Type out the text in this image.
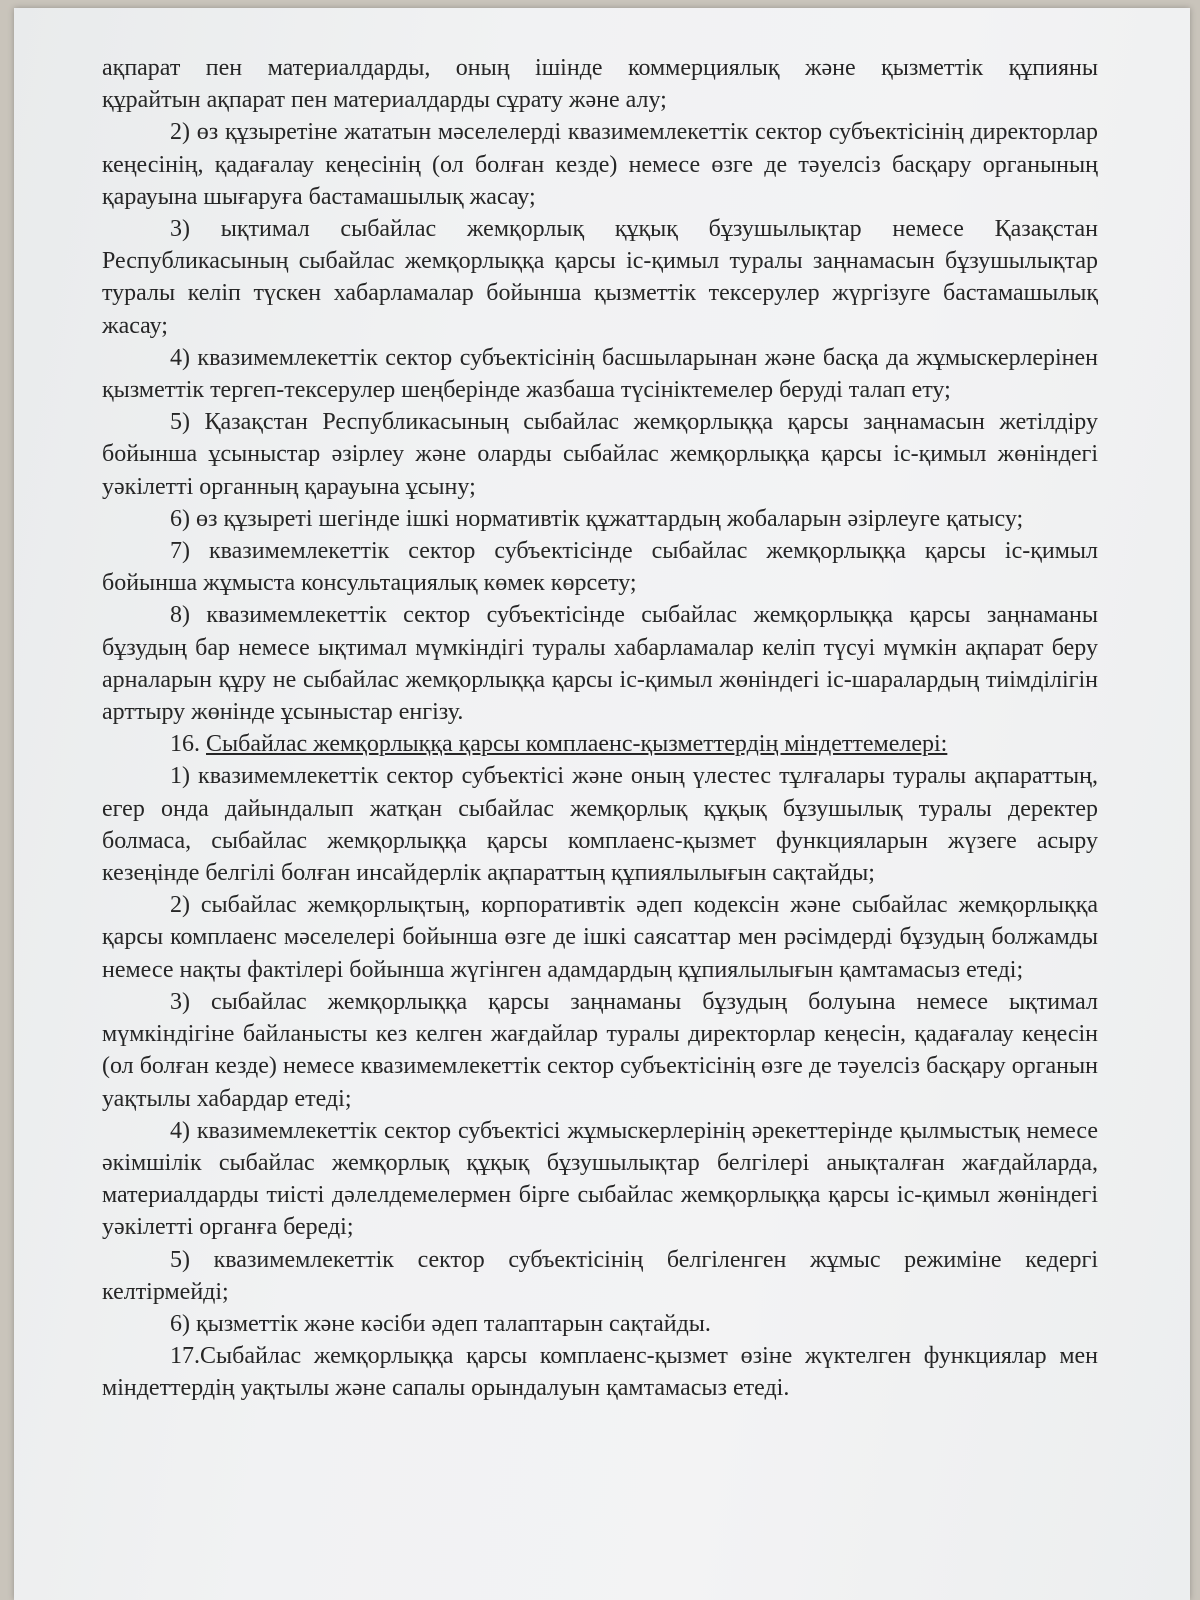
ақпарат пен материалдарды, оның ішінде коммерциялық және қызметтік құпияны

құрайтын ақпарат пен материалдарды сұрату және алу;

2) өз құзыретіне жататын мәселелерді квазимемлекеттік сектор субъектісінің директорлар кеңесінің, қадағалау кеңесінің (ол болған кезде) немесе өзге де тәуелсіз басқару органының қарауына шығаруға бастамашылық жасау;

3) ықтимал сыбайлас жемқорлық құқық бұзушылықтар немесе Қазақстан Республикасының сыбайлас жемқорлыққа қарсы іс-қимыл туралы заңнамасын бұзушылықтар туралы келіп түскен хабарламалар бойынша қызметтік тексерулер жүргізуге бастамашылық жасау;

4) квазимемлекеттік сектор субъектісінің басшыларынан және басқа да жұмыскерлерінен қызметтік тергеп-тексерулер шеңберінде жазбаша түсініктемелер беруді талап ету;

5) Қазақстан Республикасының сыбайлас жемқорлыққа қарсы заңнамасын жетілдіру бойынша ұсыныстар әзірлеу және оларды сыбайлас жемқорлыққа қарсы іс-қимыл жөніндегі уәкілетті органның қарауына ұсыну;

6) өз құзыреті шегінде ішкі нормативтік құжаттардың жобаларын әзірлеуге қатысу;

7) квазимемлекеттік сектор субъектісінде сыбайлас жемқорлыққа қарсы іс-қимыл бойынша жұмыста консультациялық көмек көрсету;

8) квазимемлекеттік сектор субъектісінде сыбайлас жемқорлыққа қарсы заңнаманы бұзудың бар немесе ықтимал мүмкіндігі туралы хабарламалар келіп түсуі мүмкін ақпарат беру арналарын құру не сыбайлас жемқорлыққа қарсы іс-қимыл жөніндегі іс-шаралардың тиімділігін арттыру жөнінде ұсыныстар енгізу.

16. Сыбайлас жемқорлыққа қарсы комплаенс-қызметтердің міндеттемелері:

1) квазимемлекеттік сектор субъектісі және оның үлестес тұлғалары туралы ақпараттың, егер онда дайындалып жатқан сыбайлас жемқорлық құқық бұзушылық туралы деректер болмаса, сыбайлас жемқорлыққа қарсы комплаенс-қызмет функцияларын жүзеге асыру кезеңінде белгілі болған инсайдерлік ақпараттың құпиялылығын сақтайды;

2) сыбайлас жемқорлықтың, корпоративтік әдеп кодексін және сыбайлас жемқорлыққа қарсы комплаенс мәселелері бойынша өзге де ішкі саясаттар мен рәсімдерді бұзудың болжамды немесе нақты фактілері бойынша жүгінген адамдардың құпиялылығын қамтамасыз етеді;

3) сыбайлас жемқорлыққа қарсы заңнаманы бұзудың болуына немесе ықтимал мүмкіндігіне байланысты кез келген жағдайлар туралы директорлар кеңесін, қадағалау кеңесін (ол болған кезде) немесе квазимемлекеттік сектор субъектісінің өзге де тәуелсіз басқару органын уақтылы хабардар етеді;

4) квазимемлекеттік сектор субъектісі жұмыскерлерінің әрекеттерінде қылмыстық немесе әкімшілік сыбайлас жемқорлық құқық бұзушылықтар белгілері анықталған жағдайларда, материалдарды тиісті дәлелдемелермен бірге сыбайлас жемқорлыққа қарсы іс-қимыл жөніндегі уәкілетті органға береді;

5) квазимемлекеттік сектор субъектісінің белгіленген жұмыс режиміне кедергі келтірмейді;

6) қызметтік және кәсіби әдеп талаптарын сақтайды.

17.Сыбайлас жемқорлыққа қарсы комплаенс-қызмет өзіне жүктелген функциялар мен міндеттердің уақтылы және сапалы орындалуын қамтамасыз етеді.
